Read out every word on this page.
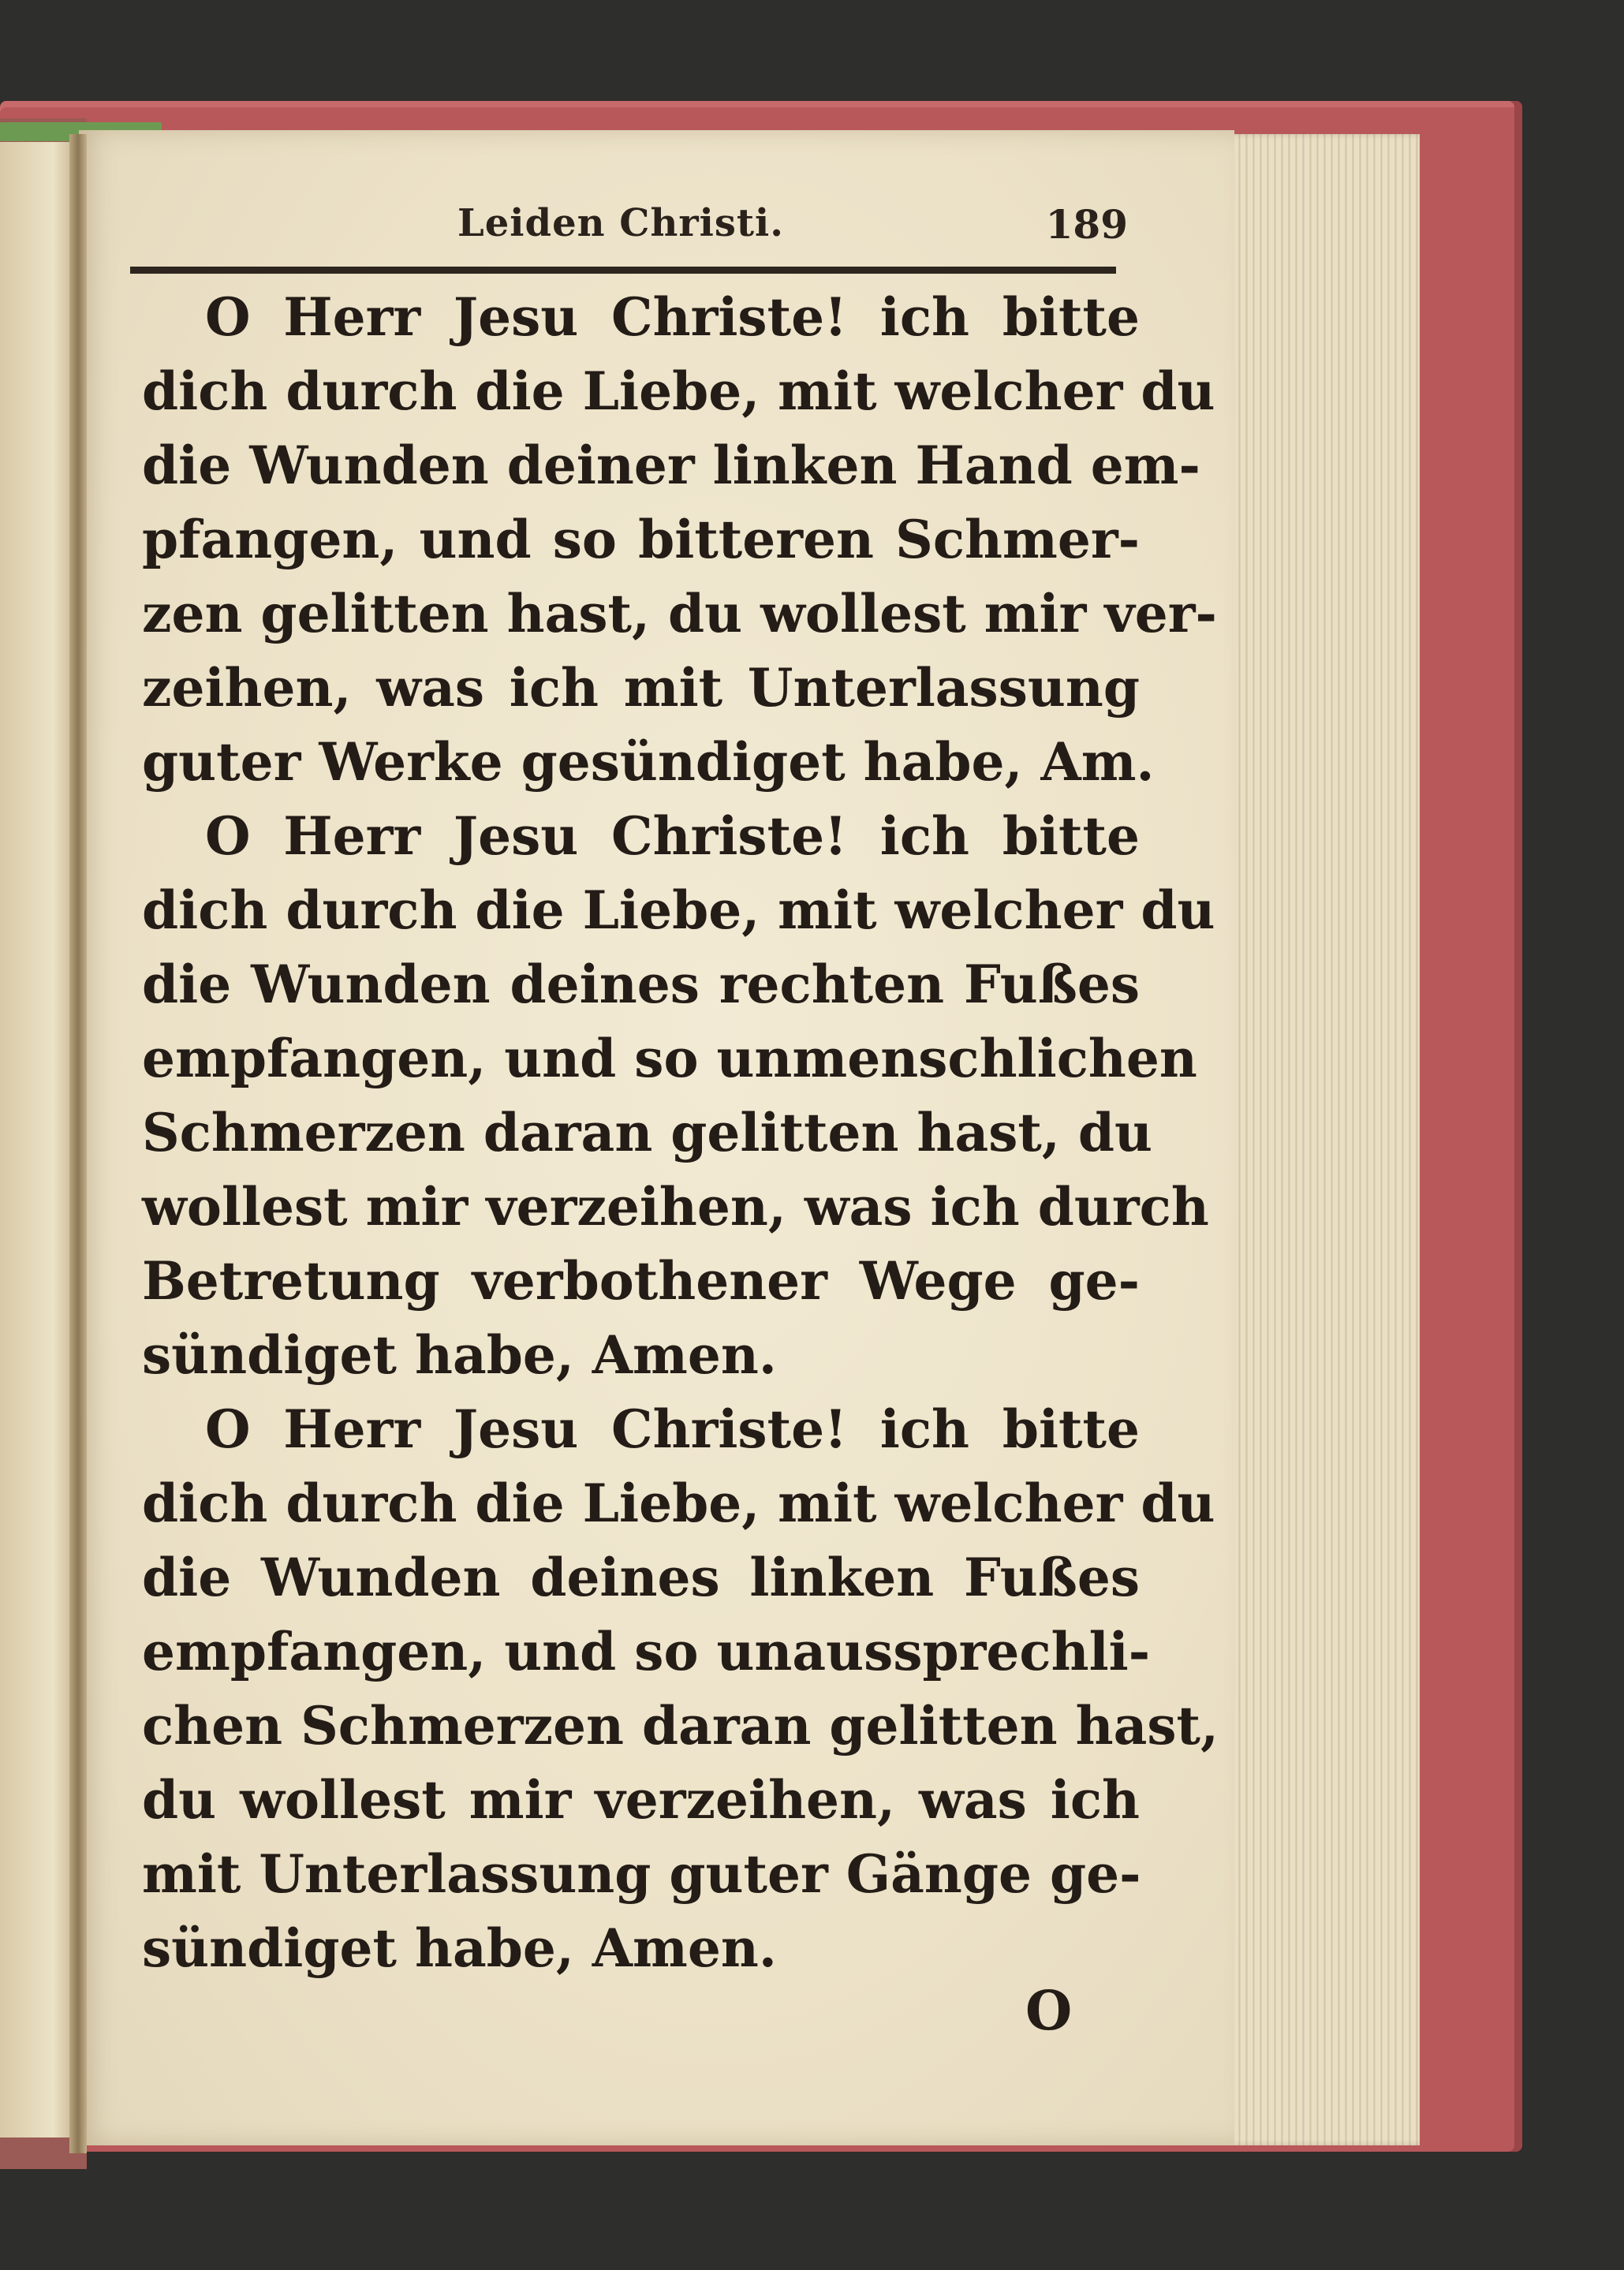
Leiden Christi.	189

O Herr Jesu Christe! ich bitte
dich durch die Liebe, mit welcher du
die Wunden deiner linken Hand em-
pfangen, und so bitteren Schmer-
zen gelitten hast, du wollest mir ver-
zeihen, was ich mit Unterlassung
guter Werke gesündiget habe, Am.

O Herr Jesu Christe! ich bitte
dich durch die Liebe, mit welcher du
die Wunden deines rechten Fußes
empfangen, und so unmenschlichen
Schmerzen daran gelitten hast, du
wollest mir verzeihen, was ich durch
Betretung verbothener Wege ge-
sündiget habe, Amen.

O Herr Jesu Christe! ich bitte
dich durch die Liebe, mit welcher du
die Wunden deines linken Fußes
empfangen, und so unaussprechli-
chen Schmerzen daran gelitten hast,
du wollest mir verzeihen, was ich
mit Unterlassung guter Gänge ge-
sündiget habe, Amen.

O
